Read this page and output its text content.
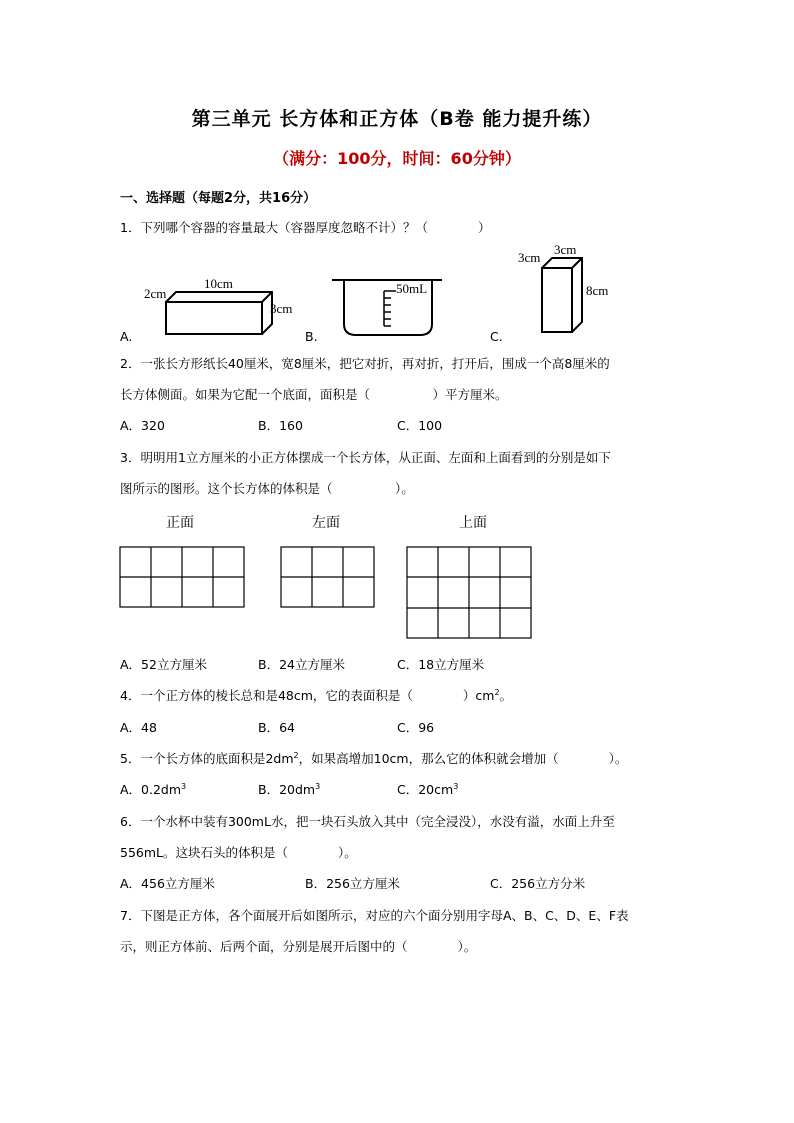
第三单元 长方体和正方体（B卷 能力提升练）
（满分：100分，时间：60分钟）
一、选择题（每题2分，共16分）
1．下列哪个容器的容量最大（容器厚度忽略不计）？（　　　　）
10cm
2cm
3cm
50mL
3cm
3cm
8cm
A.	B.	C.
2．一张长方形纸长40厘米，宽8厘米，把它对折，再对折，打开后，围成一个高8厘米的
长方体侧面。如果为它配一个底面，面积是（　　　　　）平方厘米。
A．320	B．160	C．100
3．明明用1立方厘米的小正方体摆成一个长方体，从正面、左面和上面看到的分别是如下
图所示的图形。这个长方体的体积是（　　　　　）。
正面	左面	上面
A．52立方厘米	B．24立方厘米	C．18立方厘米
4．一个正方体的棱长总和是48cm，它的表面积是（　　　　）$cm^2$。
A．48	B．64	C．96
5．一个长方体的底面积是$2dm^2$，如果高增加10cm，那么它的体积就会增加（　　　　）。
A．$0.2dm^3$	B．$20dm^3$	C．$20cm^3$
6．一个水杯中装有300mL水，把一块石头放入其中（完全浸没），水没有溢，水面上升至
556mL。这块石头的体积是（　　　　）。
A．456立方厘米	B．256立方厘米	C．256立方分米
7．下图是正方体，各个面展开后如图所示，对应的六个面分别用字母A、B、C、D、E、F表
示，则正方体前、后两个面，分别是展开后图中的（　　　　）。
